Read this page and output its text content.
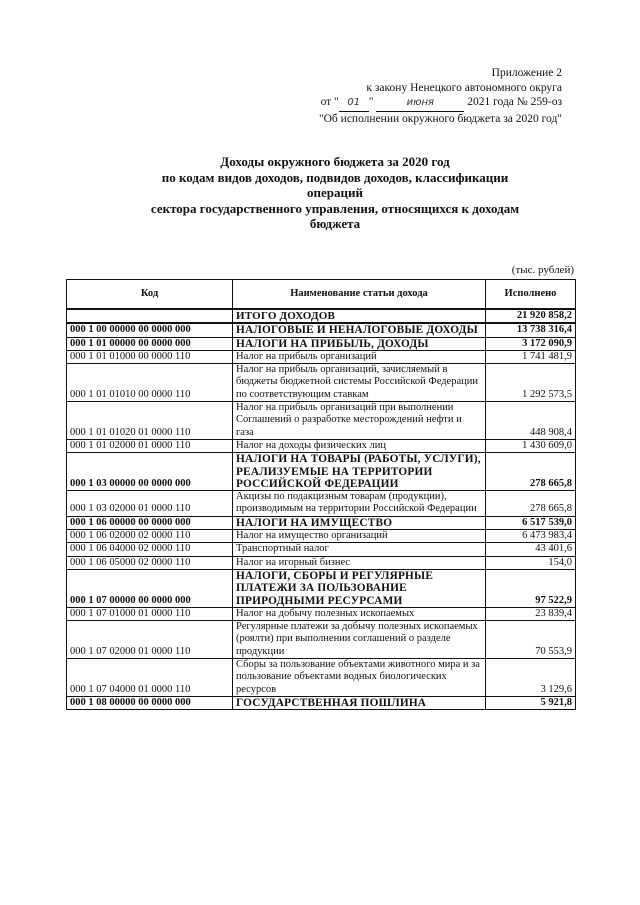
Приложение 2
к закону Ненецкого автономного округа
от " 01 "	июня	2021 года № 259-оз
"Об исполнении окружного бюджета за 2020 год"
Доходы окружного бюджета за 2020 год
по кодам видов доходов, подвидов доходов, классификации операций
сектора государственного управления, относящихся к доходам
бюджета
(тыс. рублей)
Код	Наименование статьи дохода	Исполнено
	ИТОГО ДОХОДОВ	21 920 858,2
000 1 00 00000 00 0000 000	НАЛОГОВЫЕ И НЕНАЛОГОВЫЕ ДОХОДЫ	13 738 316,4
000 1 01 00000 00 0000 000	НАЛОГИ НА ПРИБЫЛЬ, ДОХОДЫ	3 172 090,9
000 1 01 01000 00 0000 110	Налог на прибыль организаций	1 741 481,9
000 1 01 01010 00 0000 110	Налог на прибыль организаций, зачисляемый в бюджеты бюджетной системы Российской Федерации по соответствующим ставкам	1 292 573,5
000 1 01 01020 01 0000 110	Налог на прибыль организаций при выполнении Соглашений о разработке месторождений нефти и газа	448 908,4
000 1 01 02000 01 0000 110	Налог на доходы физических лиц	1 430 609,0
000 1 03 00000 00 0000 000	НАЛОГИ НА ТОВАРЫ (РАБОТЫ, УСЛУГИ), РЕАЛИЗУЕМЫЕ НА ТЕРРИТОРИИ РОССИЙСКОЙ ФЕДЕРАЦИИ	278 665,8
000 1 03 02000 01 0000 110	Акцизы по подакцизным товарам (продукции), производимым на территории Российской Федерации	278 665,8
000 1 06 00000 00 0000 000	НАЛОГИ НА ИМУЩЕСТВО	6 517 539,0
000 1 06 02000 02 0000 110	Налог на имущество организаций	6 473 983,4
000 1 06 04000 02 0000 110	Транспортный налог	43 401,6
000 1 06 05000 02 0000 110	Налог на игорный бизнес	154,0
000 1 07 00000 00 0000 000	НАЛОГИ, СБОРЫ И РЕГУЛЯРНЫЕ ПЛАТЕЖИ ЗА ПОЛЬЗОВАНИЕ ПРИРОДНЫМИ РЕСУРСАМИ	97 522,9
000 1 07 01000 01 0000 110	Налог на добычу полезных ископаемых	23 839,4
000 1 07 02000 01 0000 110	Регулярные платежи за добычу полезных ископаемых (роялти) при выполнении соглашений о разделе продукции	70 553,9
000 1 07 04000 01 0000 110	Сборы за пользование объектами животного мира и за пользование объектами водных биологических ресурсов	3 129,6
000 1 08 00000 00 0000 000	ГОСУДАРСТВЕННАЯ ПОШЛИНА	5 921,8
